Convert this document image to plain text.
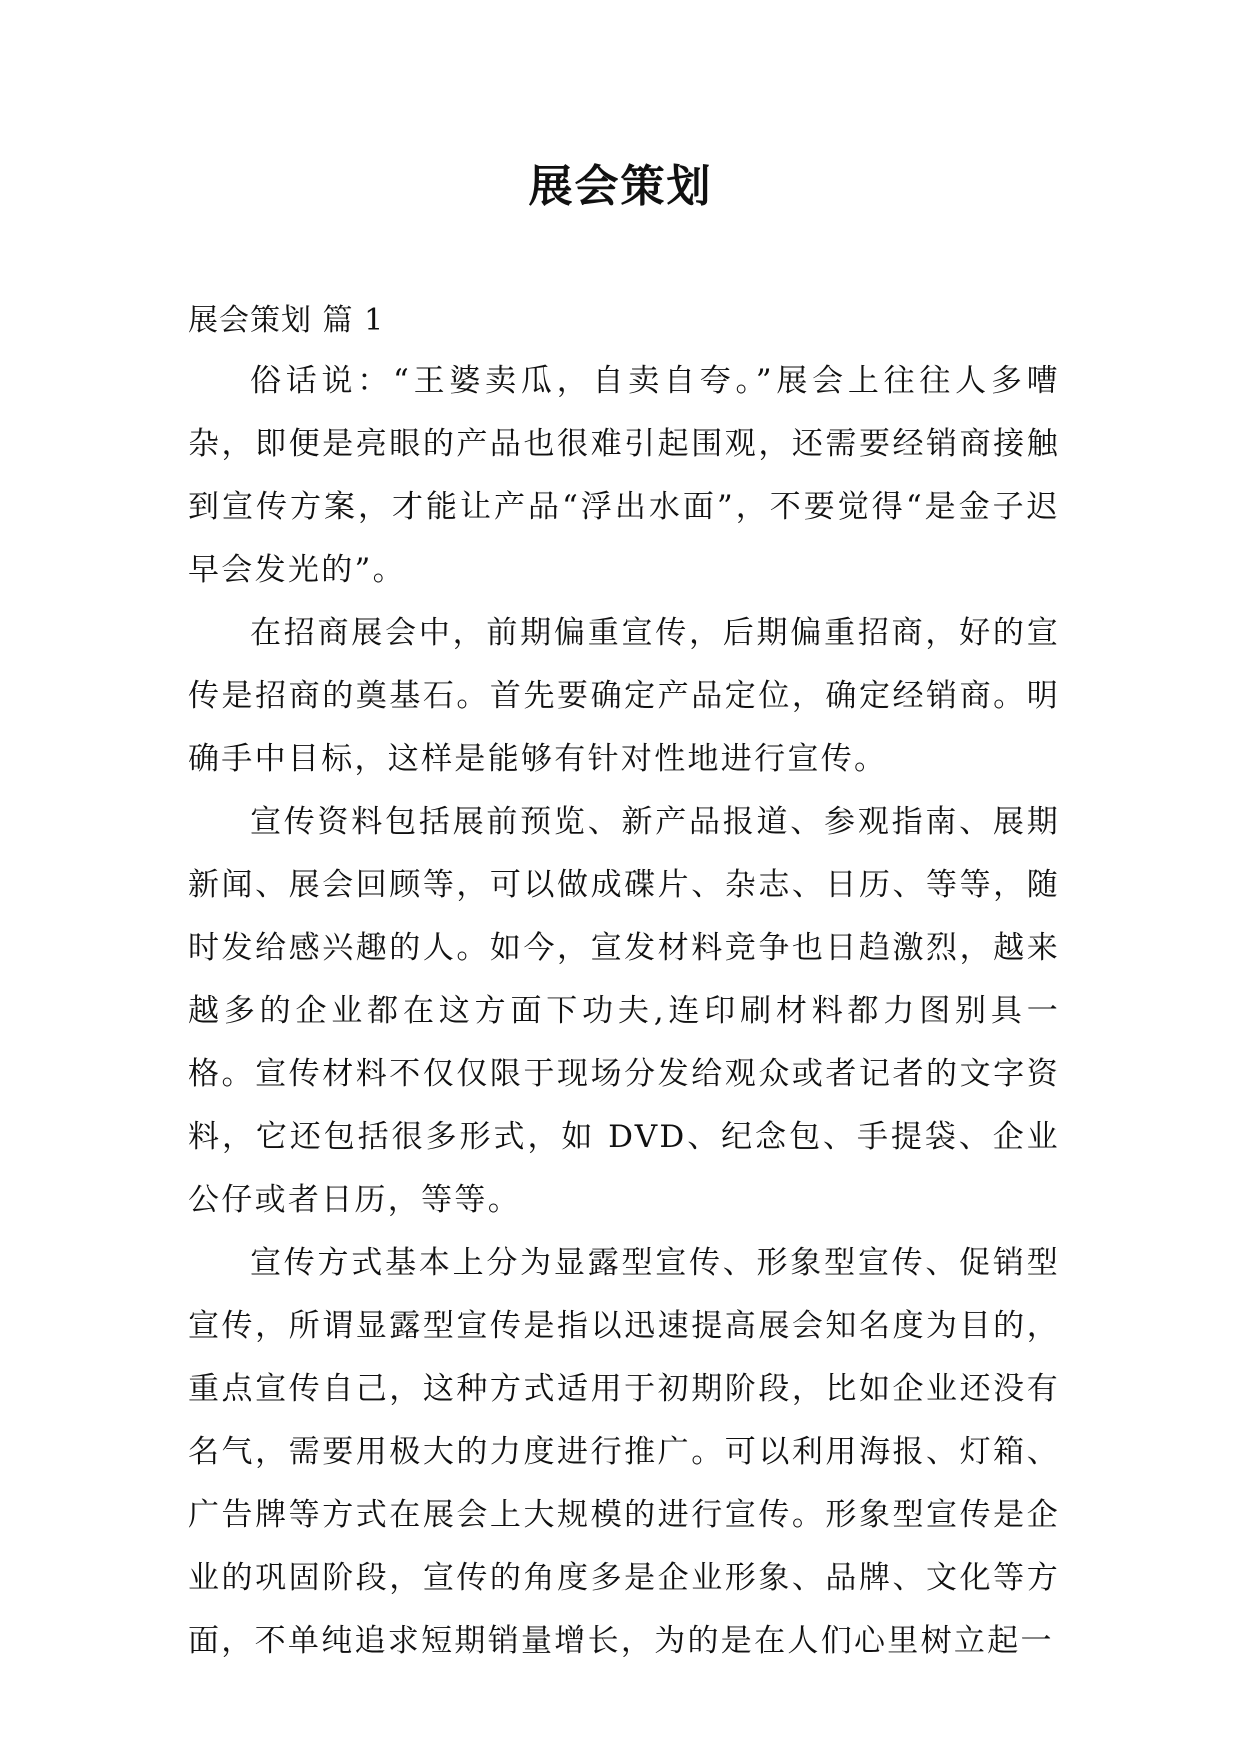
展会策划
展会策划 篇 1

俗话说：“王婆卖瓜，自卖自夸。”展会上往往人多嘈杂，即便是亮眼的产品也很难引起围观，还需要经销商接触到宣传方案，才能让产品“浮出水面”，不要觉得“是金子迟早会发光的”。

在招商展会中，前期偏重宣传，后期偏重招商，好的宣传是招商的奠基石。首先要确定产品定位，确定经销商。明确手中目标，这样是能够有针对性地进行宣传。

宣传资料包括展前预览、新产品报道、参观指南、展期新闻、展会回顾等，可以做成碟片、杂志、日历、等等，随时发给感兴趣的人。如今，宣发材料竞争也日趋激烈，越来越多的企业都在这方面下功夫,连印刷材料都力图别具一格。宣传材料不仅仅限于现场分发给观众或者记者的文字资料，它还包括很多形式，如 DVD、纪念包、手提袋、企业公仔或者日历，等等。

宣传方式基本上分为显露型宣传、形象型宣传、促销型宣传，所谓显露型宣传是指以迅速提高展会知名度为目的，重点宣传自己，这种方式适用于初期阶段，比如企业还没有名气，需要用极大的力度进行推广。可以利用海报、灯箱、广告牌等方式在展会上大规模的进行宣传。形象型宣传是企业的巩固阶段，宣传的角度多是企业形象、品牌、文化等方面，不单纯追求短期销量增长，为的是在人们心里树立起一
